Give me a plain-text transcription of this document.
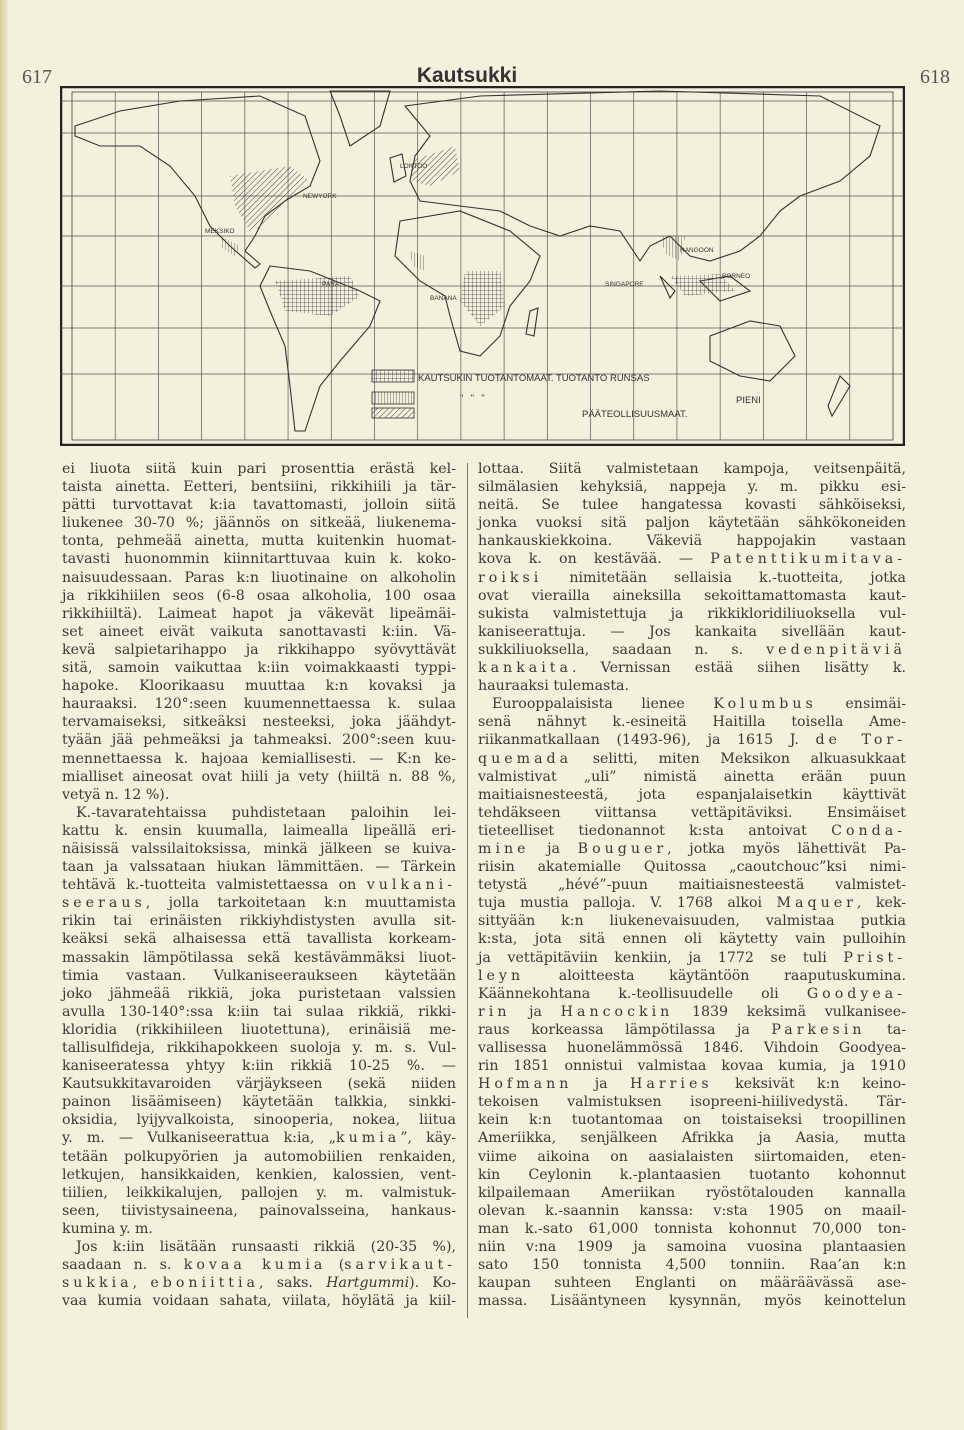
617	Kautsukki	618
LONTOO
NEWYORK
MEKSIKO
PARA
BANANA
RANGOON
SINGAPORE
BORNEO
KAUTSUKIN TUOTANTOMAAT. TUOTANTO RUNSAS
"   "   "	PIENI
PÄÄTEOLLISUUSMAAT.
ei liuota siitä kuin pari prosenttia erästä kel-
taista ainetta. Eetteri, bentsiini, rikkihiili ja tär-
pätti turvottavat k:ia tavattomasti, jolloin siitä
liukenee 30-70 %; jäännös on sitkeää, liukenema-
tonta, pehmeää ainetta, mutta kuitenkin huomat-
tavasti huonommin kiinnitarttuvaa kuin k. koko-
naisuudessaan. Paras k:n liuotinaine on alkoholin
ja rikkihiilen seos (6-8 osaa alkoholia, 100 osaa
rikkihiiltä). Laimeat hapot ja väkevät lipeämäi-
set aineet eivät vaikuta sanottavasti k:iin. Vä-
kevä salpietarihappo ja rikkihappo syövyttävät
sitä, samoin vaikuttaa k:iin voimakkaasti typpi-
hapoke. Kloorikaasu muuttaa k:n kovaksi ja
hauraaksi. 120°:seen kuumennettaessa k. sulaa
tervamaiseksi, sitkeäksi nesteeksi, joka jäähdyt-
tyään jää pehmeäksi ja tahmeaksi. 200°:seen kuu-
mennettaessa k. hajoaa kemiallisesti. — K:n ke-
mialliset aineosat ovat hiili ja vety (hiiltä n. 88 %,
vetyä n. 12 %).
K.-tavaratehtaissa puhdistetaan paloihin lei-
kattu k. ensin kuumalla, laimealla lipeällä eri-
näisissä valssilaitoksissa, minkä jälkeen se kuiva-
taan ja valssataan hiukan lämmittäen. — Tärkein
tehtävä k.-tuotteita valmistettaessa on vulkani-
seeraus, jolla tarkoitetaan k:n muuttamista
rikin tai erinäisten rikkiyhdistysten avulla sit-
keäksi sekä alhaisessa että tavallista korkeam-
massakin lämpötilassa sekä kestävämmäksi liuot-
timia vastaan. Vulkaniseeraukseen käytetään
joko jähmeää rikkiä, joka puristetaan valssien
avulla 130-140°:ssa k:iin tai sulaa rikkiä, rikki-
kloridia (rikkihiileen liuotettuna), erinäisiä me-
tallisulfideja, rikkihapokkeen suoloja y. m. s. Vul-
kaniseeratessa yhtyy k:iin rikkiä 10-25 %. —
Kautsukkitavaroiden värjäykseen (sekä niiden
painon lisäämiseen) käytetään talkkia, sinkki-
oksidia, lyijyvalkoista, sinooperia, nokea, liitua
y. m. — Vulkaniseerattua k:ia, „kumia”, käy-
tetään polkupyörien ja automobiilien renkaiden,
letkujen, hansikkaiden, kenkien, kalossien, vent-
tiilien, leikkikalujen, pallojen y. m. valmistuk-
seen, tiivistysaineena, painovalsseina, hankaus-
kumina y. m.
Jos k:iin lisätään runsaasti rikkiä (20-35 %),
saadaan n. s. kovaa kumia (sarvikaut-
sukkia, eboniittia, saks. Hartgummi). Ko-
vaa kumia voidaan sahata, viilata, höylätä ja kiil-
lottaa. Siitä valmistetaan kampoja, veitsenpäitä,
silmälasien kehyksiä, nappeja y. m. pikku esi-
neitä. Se tulee hangatessa kovasti sähköiseksi,
jonka vuoksi sitä paljon käytetään sähkökoneiden
hankauskiekkoina. Väkeviä happojakin vastaan
kova k. on kestävää. — Patenttikumitava-
roiksi nimitetään sellaisia k.-tuotteita, jotka
ovat vierailla aineksilla sekoittamattomasta kaut-
sukista valmistettuja ja rikkikloridiliuoksella vul-
kaniseerattuja. — Jos kankaita sivellään kaut-
sukkiliuoksella, saadaan n. s. vedenpitäviä
kankaita. Vernissan estää siihen lisätty k.
hauraaksi tulemasta.
Eurooppalaisista lienee Kolumbus ensimäi-
senä nähnyt k.-esineitä Haitilla toisella Ame-
riikanmatkallaan (1493-96), ja 1615 J. de Tor-
quemada selitti, miten Meksikon alkuasukkaat
valmistivat „uli” nimistä ainetta erään puun
maitiaisnesteestä, jota espanjalaisetkin käyttivät
tehdäkseen viittansa vettäpitäviksi. Ensimäiset
tieteelliset tiedonannot k:sta antoivat Conda-
mine ja Bouguer, jotka myös lähettivät Pa-
riisin akatemialle Quitossa „caoutchouc”ksi nimi-
tetystä „hévé”-puun maitiaisnesteestä valmistet-
tuja mustia palloja. V. 1768 alkoi Maquer, kek-
sittyään k:n liukenevaisuuden, valmistaa putkia
k:sta, jota sitä ennen oli käytetty vain pulloihin
ja vettäpitäviin kenkiin, ja 1772 se tuli Prist-
leyn aloitteesta käytäntöön raaputuskumina.
Käännekohtana k.-teollisuudelle oli Goodyea-
rin ja Hancockin 1839 keksimä vulkanisee-
raus korkeassa lämpötilassa ja Parkesin ta-
vallisessa huonelämmössä 1846. Vihdoin Goodyea-
rin 1851 onnistui valmistaa kovaa kumia, ja 1910
Hofmann ja Harries keksivät k:n keino-
tekoisen valmistuksen isopreeni-hiilivedystä. Tär-
kein k:n tuotantomaa on toistaiseksi troopillinen
Ameriikka, senjälkeen Afrikka ja Aasia, mutta
viime aikoina on aasialaisten siirtomaiden, eten-
kin Ceylonin k.-plantaasien tuotanto kohonnut
kilpailemaan Ameriikan ryöstötalouden kannalla
olevan k.-saannin kanssa: v:sta 1905 on maail-
man k.-sato 61,000 tonnista kohonnut 70,000 ton-
niin v:na 1909 ja samoina vuosina plantaasien
sato 150 tonnista 4,500 tonniin. Raa’an k:n
kaupan suhteen Englanti on määräävässä ase-
massa. Lisääntyneen kysynnän, myös keinottelun
